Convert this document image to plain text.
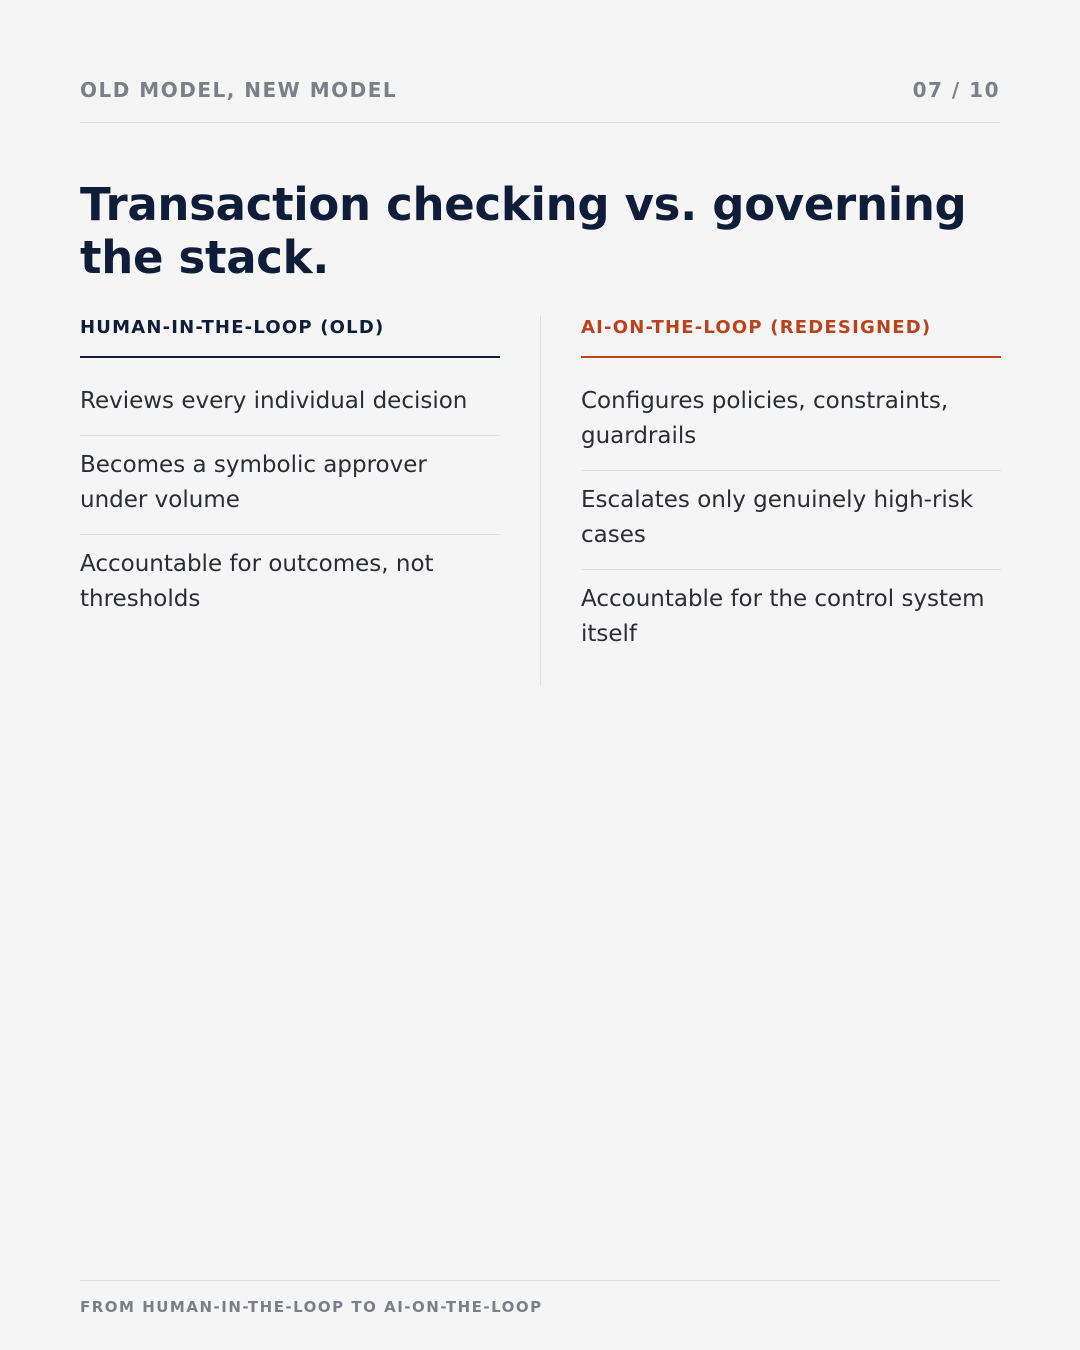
OLD MODEL, NEW MODEL	07 / 10
Transaction checking vs. governing the stack.
HUMAN-IN-THE-LOOP (OLD)
Reviews every individual decision
Becomes a symbolic approver under volume
Accountable for outcomes, not thresholds
AI-ON-THE-LOOP (REDESIGNED)
Configures policies, constraints, guardrails
Escalates only genuinely high-risk cases
Accountable for the control system itself
FROM HUMAN-IN-THE-LOOP TO AI-ON-THE-LOOP
